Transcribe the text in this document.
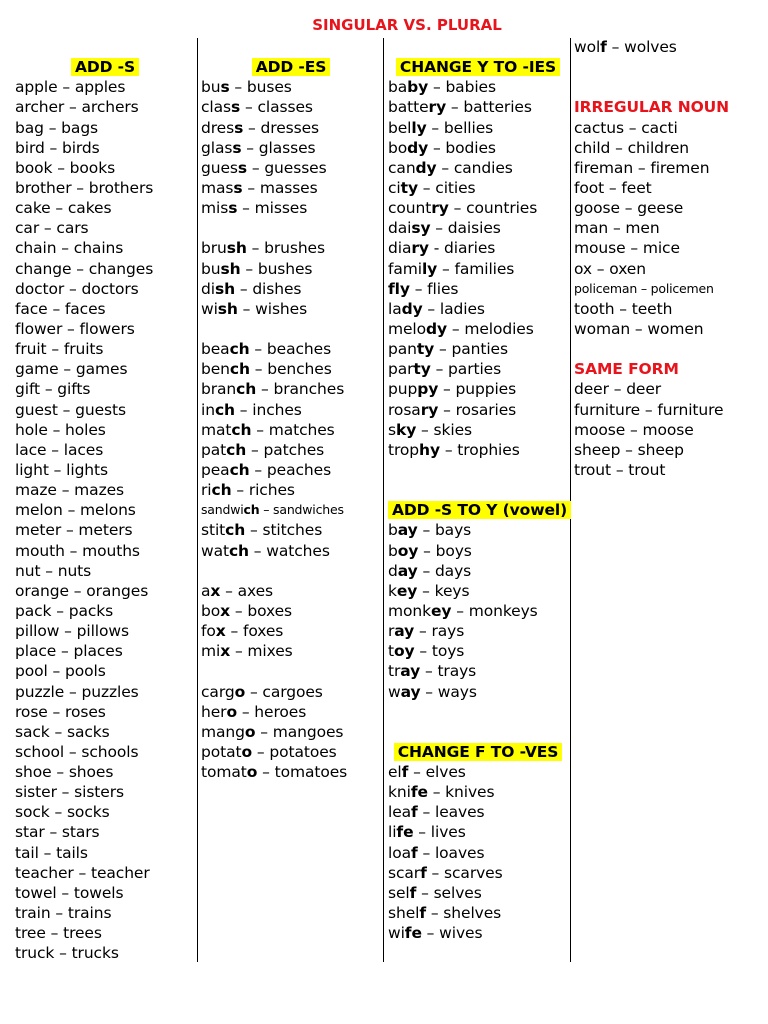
SINGULAR VS. PLURAL

ADD -S
apple – apples
archer – archers
bag – bags
bird – birds
book – books
brother – brothers
cake – cakes
car – cars
chain – chains
change – changes
doctor – doctors
face – faces
flower – flowers
fruit – fruits
game – games
gift – gifts
guest – guests
hole – holes
lace – laces
light – lights
maze – mazes
melon – melons
meter – meters
mouth – mouths
nut – nuts
orange – oranges
pack – packs
pillow – pillows
place – places
pool – pools
puzzle – puzzles
rose – roses
sack – sacks
school – schools
shoe – shoes
sister – sisters
sock – socks
star – stars
tail – tails
teacher – teacher
towel – towels
train – trains
tree – trees
truck – trucks

ADD -ES
bus – buses
class – classes
dress – dresses
glass – glasses
guess – guesses
mass – masses
miss – misses

brush – brushes
bush – bushes
dish – dishes
wish – wishes

beach – beaches
bench – benches
branch – branches
inch – inches
match – matches
patch – patches
peach – peaches
rich – riches
sandwich – sandwiches
stitch – stitches
watch – watches

ax – axes
box – boxes
fox – foxes
mix – mixes

cargo – cargoes
hero – heroes
mango – mangoes
potato – potatoes
tomato – tomatoes

CHANGE Y TO -IES
baby – babies
battery – batteries
belly – bellies
body – bodies
candy – candies
city – cities
country – countries
daisy – daisies
diary - diaries
family – families
fly – flies
lady – ladies
melody – melodies
panty – panties
party – parties
puppy – puppies
rosary – rosaries
sky – skies
trophy – trophies

ADD -S TO Y (vowel)
bay – bays
boy – boys
day – days
key – keys
monkey – monkeys
ray – rays
toy – toys
tray – trays
way – ways

CHANGE F TO -VES
elf – elves
knife – knives
leaf – leaves
life – lives
loaf – loaves
scarf – scarves
self – selves
shelf – shelves
wife – wives
wolf – wolves

IRREGULAR NOUN
cactus – cacti
child – children
fireman – firemen
foot – feet
goose – geese
man – men
mouse – mice
ox – oxen
policeman – policemen
tooth – teeth
woman – women

SAME FORM
deer – deer
furniture – furniture
moose – moose
sheep – sheep
trout – trout
